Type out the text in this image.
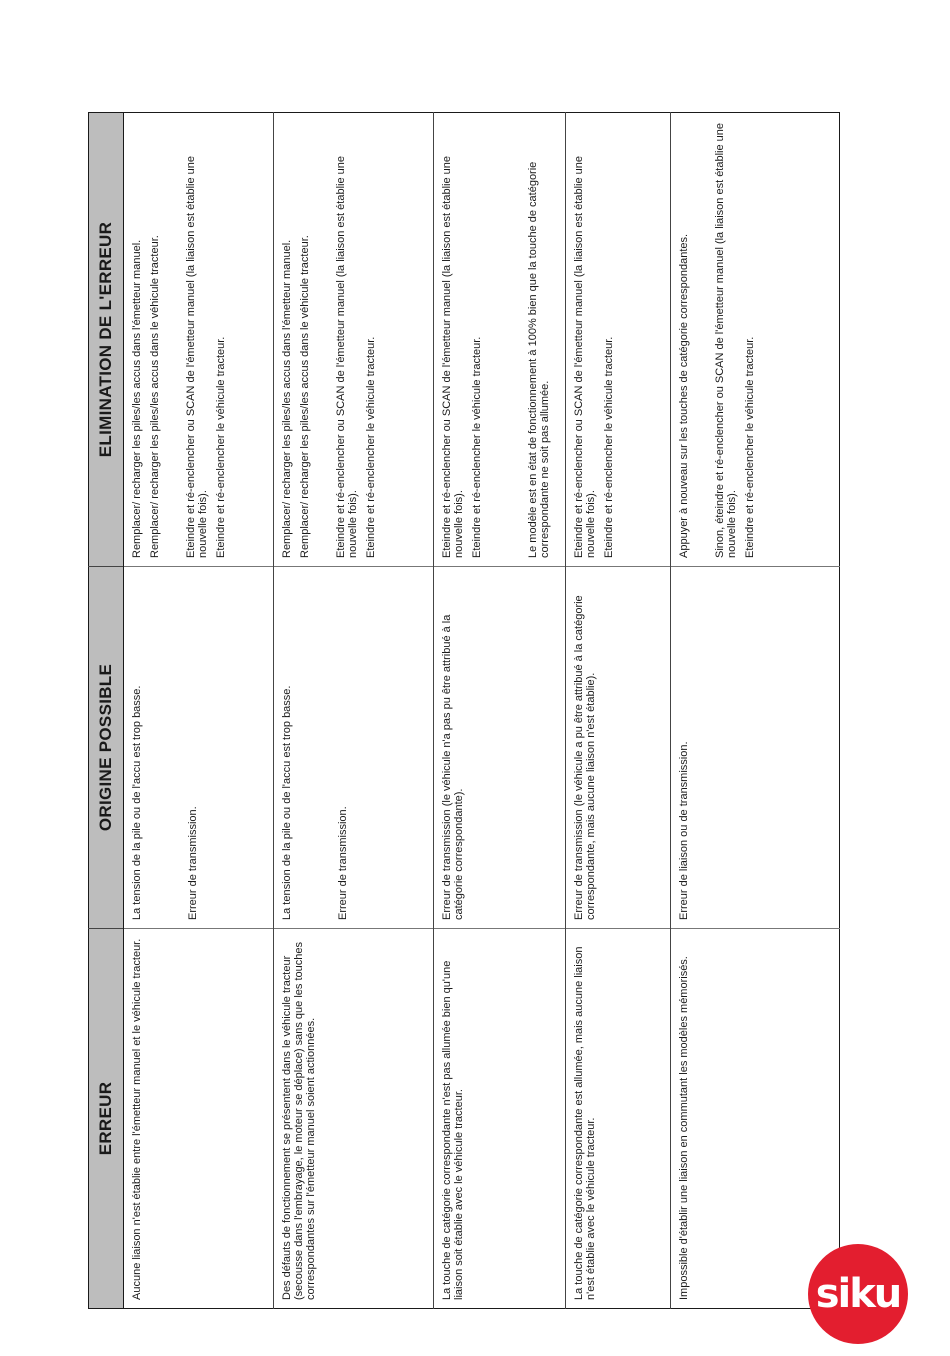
ERREUR	ORIGINE POSSIBLE	ELIMINATION DE L'ERREUR

Aucune liaison n'est établie entre l'émetteur manuel et le véhicule tracteur.	La tension de la pile ou de l'accu est trop basse. Erreur de transmission.	Remplacer/ recharger les piles/les accus dans l'émetteur manuel. Remplacer/ recharger les piles/les accus dans le véhicule tracteur. Eteindre et ré-enclencher ou SCAN de l'émetteur manuel (la liaison est établie une nouvelle fois). Eteindre et ré-enclencher le véhicule tracteur.

Des défauts de fonctionnement se présentent dans le véhicule tracteur (secousse dans l'embrayage, le moteur se déplace) sans que les touches correspondantes sur l'émetteur manuel soient actionnées.	La tension de la pile ou de l'accu est trop basse. Erreur de transmission.	Remplacer/ recharger les piles/les accus dans l'émetteur manuel. Remplacer/ recharger les piles/les accus dans le véhicule tracteur. Eteindre et ré-enclencher ou SCAN de l'émetteur manuel (la liaison est établie une nouvelle fois). Eteindre et ré-enclencher le véhicule tracteur.

La touche de catégorie correspondante n'est pas allumée bien qu'une liaison soit établie avec le véhicule tracteur.	Erreur de transmission (le véhicule n'a pas pu être attribué à la catégorie correspondante).	Eteindre et ré-enclencher ou SCAN de l'émetteur manuel (la liaison est établie une nouvelle fois). Eteindre et ré-enclencher le véhicule tracteur. Le modèle est en état de fonctionnement à 100% bien que la touche de catégorie correspondante ne soit pas allumée.

La touche de catégorie correspondante est allumée, mais aucune liaison n'est établie avec le véhicule tracteur.	Erreur de transmission (le véhicule a pu être attribué à la catégorie correspondante, mais aucune liaison n'est établie).	Eteindre et ré-enclencher ou SCAN de l'émetteur manuel (la liaison est établie une nouvelle fois). Eteindre et ré-enclencher le véhicule tracteur.

Impossible d'établir une liaison en commutant les modèles mémorisés.	Erreur de liaison ou de transmission.	Appuyer à nouveau sur les touches de catégorie correspondantes. Sinon, éteindre et ré-enclencher ou SCAN de l'émetteur manuel (la liaison est établie une nouvelle fois). Eteindre et ré-enclencher le véhicule tracteur.
siku
